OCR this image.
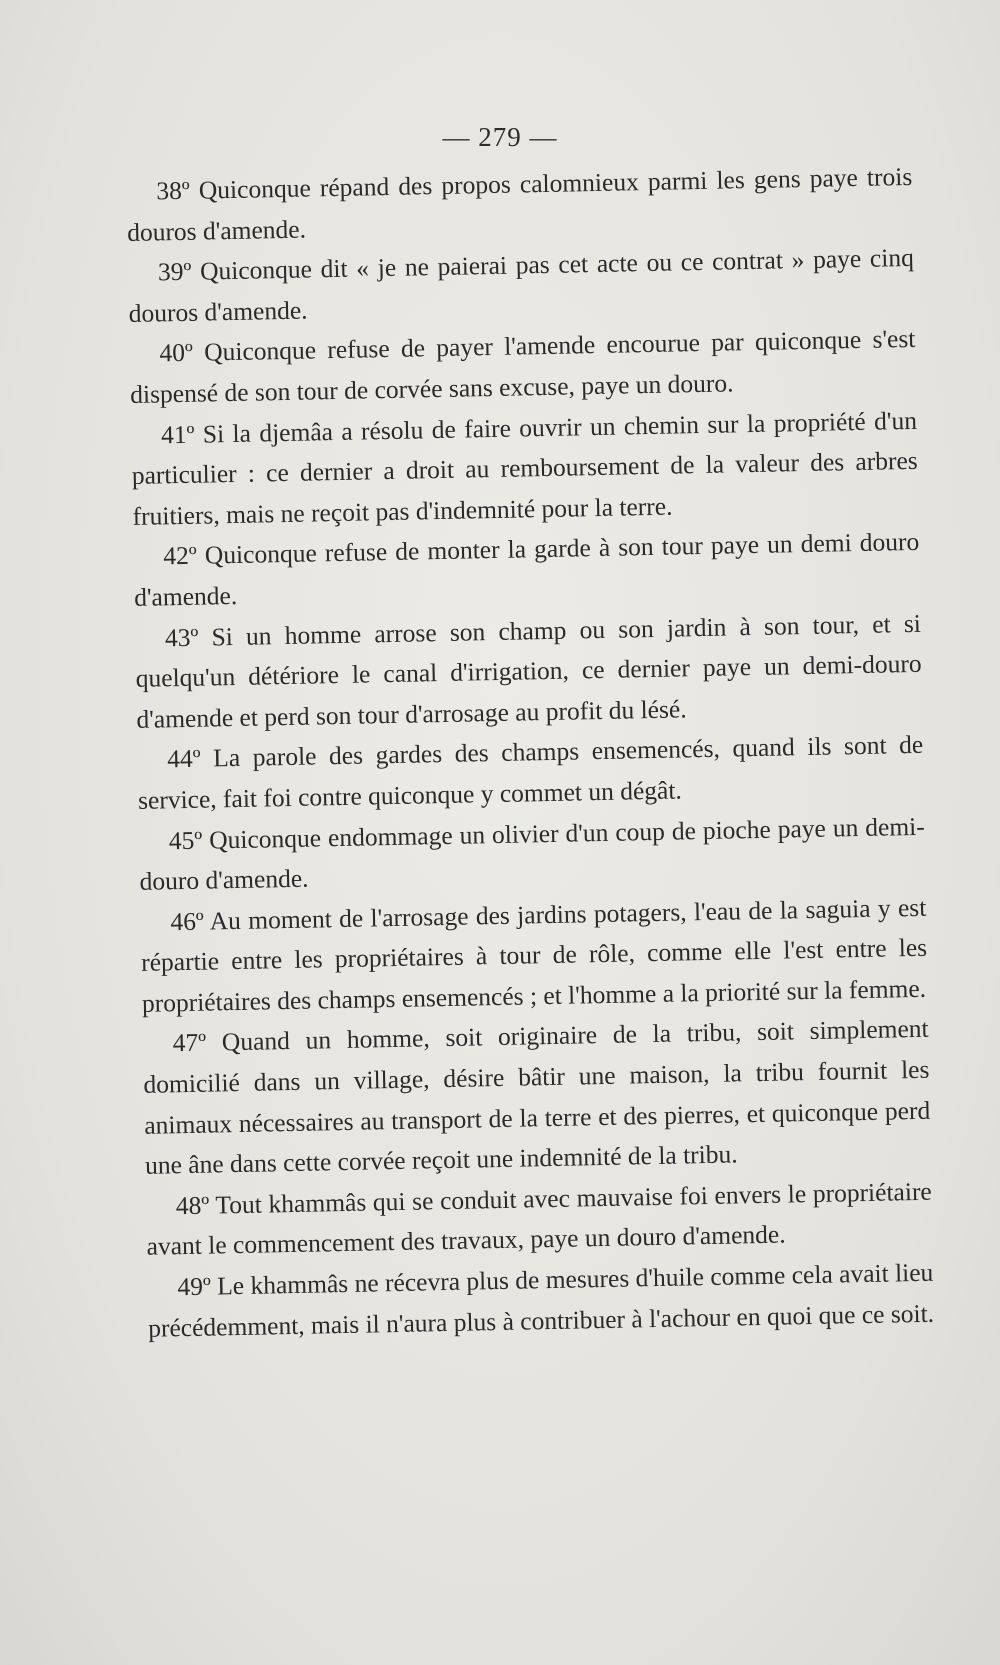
— 279 —

38º Quiconque répand des propos calomnieux parmi les gens paye trois douros d'amende.

39º Quiconque dit « je ne paierai pas cet acte ou ce contrat » paye cinq douros d'amende.

40º Quiconque refuse de payer l'amende encourue par quiconque s'est dispensé de son tour de corvée sans excuse, paye un douro.

41º Si la djemâa a résolu de faire ouvrir un chemin sur la propriété d'un particulier : ce dernier a droit au remboursement de la valeur des arbres fruitiers, mais ne reçoit pas d'indemnité pour la terre.

42º Quiconque refuse de monter la garde à son tour paye un demi douro d'amende.

43º Si un homme arrose son champ ou son jardin à son tour, et si quelqu'un détériore le canal d'irrigation, ce dernier paye un demi-douro d'amende et perd son tour d'arrosage au profit du lésé.

44º La parole des gardes des champs ensemencés, quand ils sont de service, fait foi contre quiconque y commet un dégât.

45º Quiconque endommage un olivier d'un coup de pioche paye un demi-douro d'amende.

46º Au moment de l'arrosage des jardins potagers, l'eau de la saguia y est répartie entre les propriétaires à tour de rôle, comme elle l'est entre les propriétaires des champs ensemencés ; et l'homme a la priorité sur la femme.

47º Quand un homme, soit originaire de la tribu, soit simplement domicilié dans un village, désire bâtir une maison, la tribu fournit les animaux nécessaires au transport de la terre et des pierres, et quiconque perd une âne dans cette corvée reçoit une indemnité de la tribu.

48º Tout khammâs qui se conduit avec mauvaise foi envers le propriétaire avant le commencement des travaux, paye un douro d'amende.

49º Le khammâs ne récevra plus de mesures d'huile comme cela avait lieu précédemment, mais il n'aura plus à contribuer à l'achour en quoi que ce soit.
